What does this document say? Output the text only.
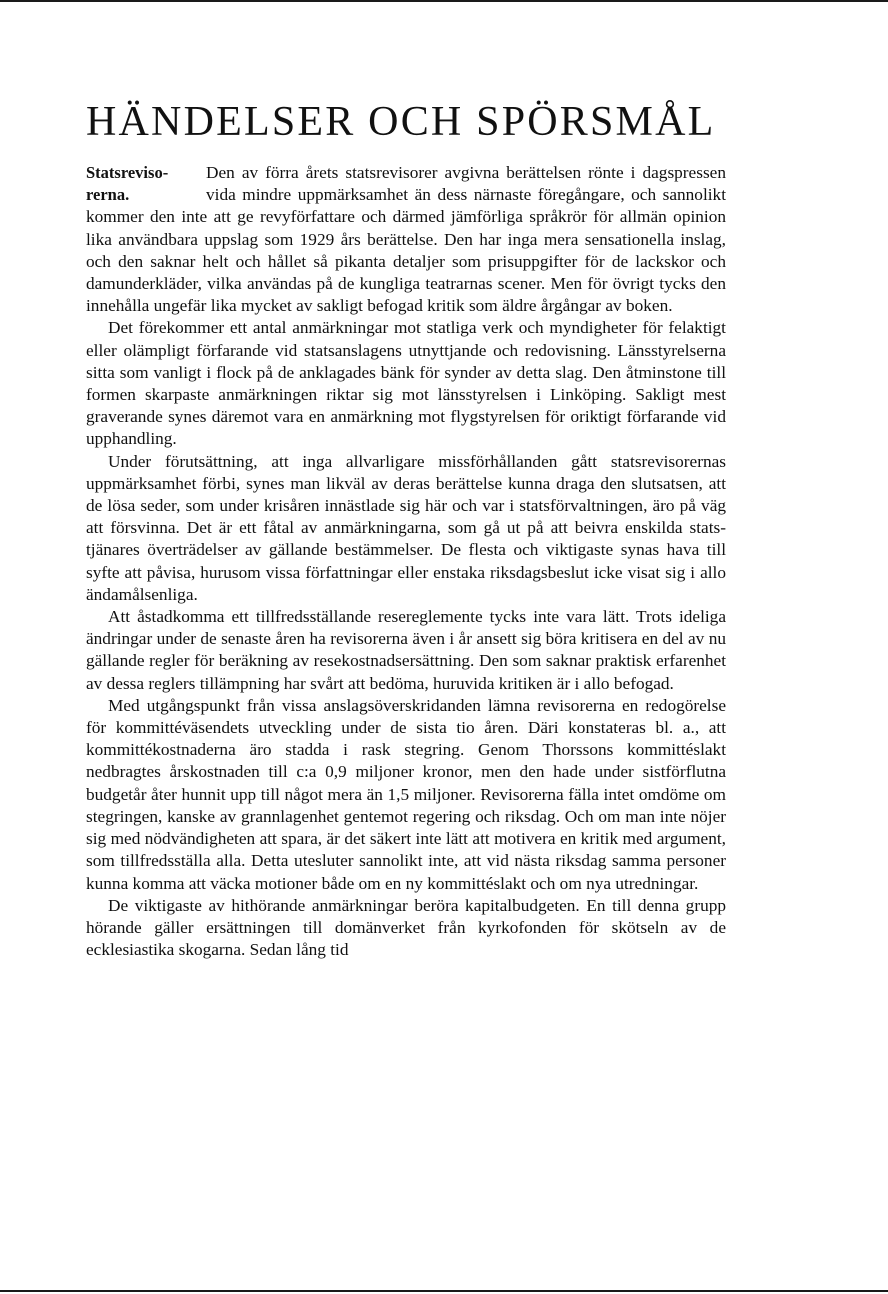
HÄNDELSER OCH SPÖRSMÅL

Statsreviso-
rerna.
Den av förra årets statsrevisorer avgivna berättelsen rönte i dagspressen vida mindre uppmärksamhet än dess närnaste föregångare, och sannolikt kommer den inte att ge revyförfattare och därmed jämförliga språkrör för allmän opinion lika användbara uppslag som 1929 års berättelse. Den har inga mera sensationella inslag, och den saknar helt och hållet så pikanta detaljer som prisuppgifter för de lackskor och damunderkläder, vilka användas på de kungliga teatrarnas scener. Men för övrigt tycks den innehålla ungefär lika mycket av sakligt befogad kritik som äldre årgångar av boken.

Det förekommer ett antal anmärkningar mot statliga verk och myndigheter för felaktigt eller olämpligt förfarande vid statsanslagens utnyttjande och redovisning. Länsstyrelserna sitta som vanligt i flock på de anklagades bänk för synder av detta slag. Den åtminstone till formen skarpaste anmärkningen riktar sig mot länsstyrelsen i Linköping. Sakligt mest graverande synes däremot vara en anmärkning mot flygstyrelsen för oriktigt förfarande vid upphandling.

Under förutsättning, att inga allvarligare missförhållanden gått statsrevisorernas uppmärksamhet förbi, synes man likväl av deras berättelse kunna draga den slutsatsen, att de lösa seder, som under krisåren innästlade sig här och var i statsförvaltningen, äro på väg att försvinna. Det är ett fåtal av anmärkningarna, som gå ut på att beivra enskilda statstjänares överträdelser av gällande bestämmelser. De flesta och viktigaste synas hava till syfte att påvisa, hurusom vissa författningar eller enstaka riksdagsbeslut icke visat sig i allo ändamålsenliga.

Att åstadkomma ett tillfredsställande resereglemente tycks inte vara lätt. Trots ideliga ändringar under de senaste åren ha revisorerna även i år ansett sig böra kritisera en del av nu gällande regler för beräkning av resekostnadsersättning. Den som saknar praktisk erfarenhet av dessa reglers tillämpning har svårt att bedöma, huruvida kritiken är i allo befogad.

Med utgångspunkt från vissa anslagsöverskridanden lämna revisorerna en redogörelse för kommittéväsendets utveckling under de sista tio åren. Däri konstateras bl. a., att kommittékostnaderna äro stadda i rask stegring. Genom Thorssons kommittéslakt nedbragtes årskostnaden till c:a 0,9 miljoner kronor, men den hade under sistförflutna budgetår åter hunnit upp till något mera än 1,5 miljoner. Revisorerna fälla intet omdöme om stegringen, kanske av grannlagenhet gentemot regering och riksdag. Och om man inte nöjer sig med nödvändigheten att spara, är det säkert inte lätt att motivera en kritik med argument, som tillfredsställa alla. Detta utesluter sannolikt inte, att vid nästa riksdag samma personer kunna komma att väcka motioner både om en ny kommittéslakt och om nya utredningar.

De viktigaste av hithörande anmärkningar beröra kapitalbudgeten. En till denna grupp hörande gäller ersättningen till domänverket från kyrkofonden för skötseln av de ecklesiastika skogarna. Sedan lång tid
